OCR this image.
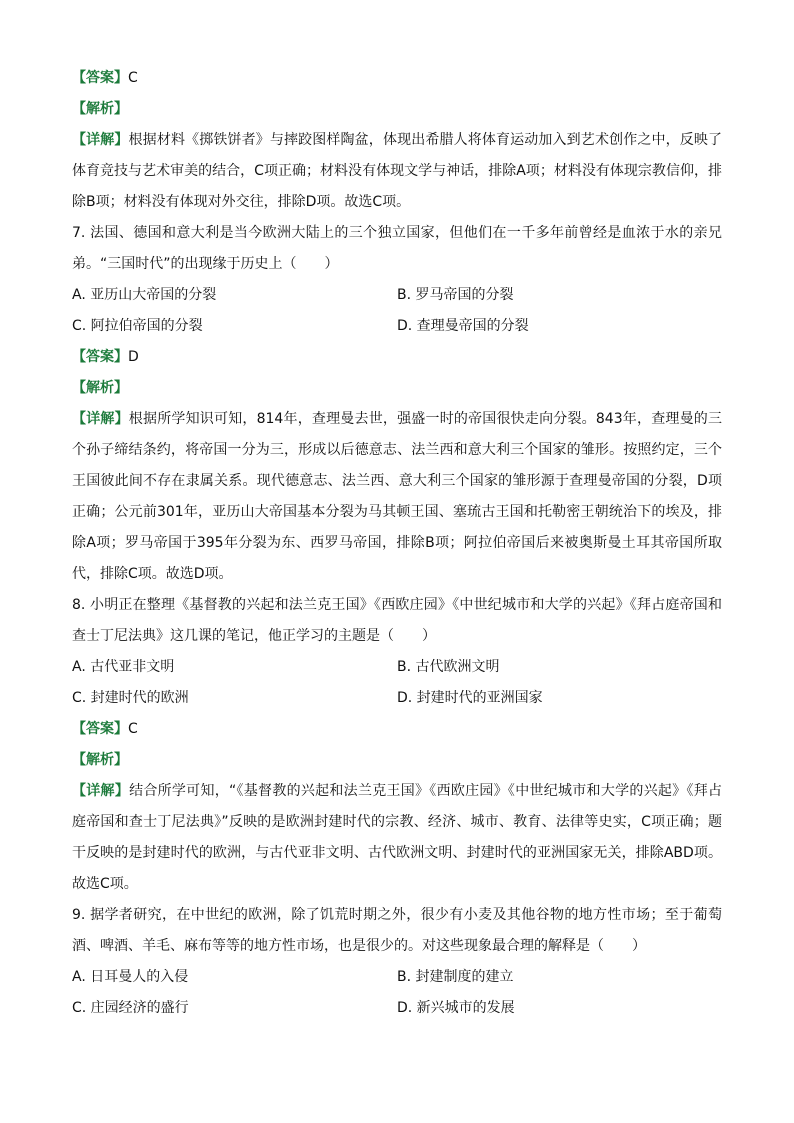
【答案】C
【解析】
【详解】根据材料《掷铁饼者》与摔跤图样陶盆，体现出希腊人将体育运动加入到艺术创作之中，反映了体育竞技与艺术审美的结合，C项正确；材料没有体现文学与神话，排除A项；材料没有体现宗教信仰，排除B项；材料没有体现对外交往，排除D项。故选C项。
7. 法国、德国和意大利是当今欧洲大陆上的三个独立国家，但他们在一千多年前曾经是血浓于水的亲兄弟。“三国时代”的出现缘于历史上（　　）
A. 亚历山大帝国的分裂	B. 罗马帝国的分裂
C. 阿拉伯帝国的分裂	D. 查理曼帝国的分裂
【答案】D
【解析】
【详解】根据所学知识可知，814年，查理曼去世，强盛一时的帝国很快走向分裂。843年，查理曼的三个孙子缔结条约，将帝国一分为三，形成以后德意志、法兰西和意大利三个国家的雏形。按照约定，三个王国彼此间不存在隶属关系。现代德意志、法兰西、意大利三个国家的雏形源于查理曼帝国的分裂，D项正确；公元前301年，亚历山大帝国基本分裂为马其顿王国、塞琉古王国和托勒密王朝统治下的埃及，排除A项；罗马帝国于395年分裂为东、西罗马帝国，排除B项；阿拉伯帝国后来被奥斯曼土耳其帝国所取代，排除C项。故选D项。
8. 小明正在整理《基督教的兴起和法兰克王国》《西欧庄园》《中世纪城市和大学的兴起》《拜占庭帝国和查士丁尼法典》这几课的笔记，他正学习的主题是（　　）
A. 古代亚非文明	B. 古代欧洲文明
C. 封建时代的欧洲	D. 封建时代的亚洲国家
【答案】C
【解析】
【详解】结合所学可知，“《基督教的兴起和法兰克王国》《西欧庄园》《中世纪城市和大学的兴起》《拜占庭帝国和查士丁尼法典》”反映的是欧洲封建时代的宗教、经济、城市、教育、法律等史实，C项正确；题干反映的是封建时代的欧洲，与古代亚非文明、古代欧洲文明、封建时代的亚洲国家无关，排除ABD项。故选C项。
9. 据学者研究，在中世纪的欧洲，除了饥荒时期之外，很少有小麦及其他谷物的地方性市场；至于葡萄酒、啤酒、羊毛、麻布等等的地方性市场，也是很少的。对这些现象最合理的解释是（　　）
A. 日耳曼人的入侵	B. 封建制度的建立
C. 庄园经济的盛行	D. 新兴城市的发展
